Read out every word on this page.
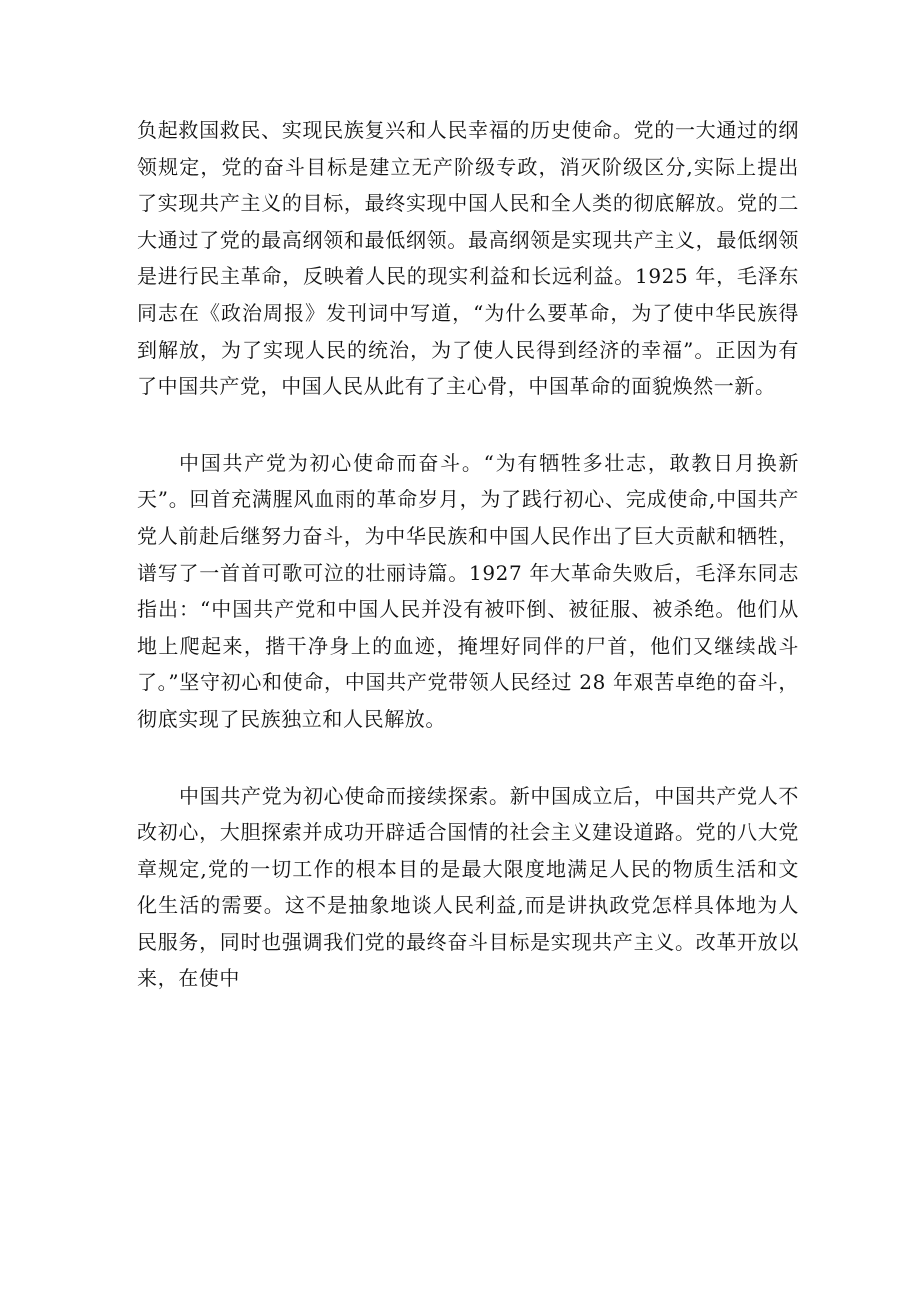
负起救国救民、实现民族复兴和人民幸福的历史使命。党的一大通过的纲领规定，党的奋斗目标是建立无产阶级专政，消灭阶级区分,实际上提出了实现共产主义的目标，最终实现中国人民和全人类的彻底解放。党的二大通过了党的最高纲领和最低纲领。最高纲领是实现共产主义，最低纲领是进行民主革命，反映着人民的现实利益和长远利益。1925 年，毛泽东同志在《政治周报》发刊词中写道，“为什么要革命，为了使中华民族得到解放，为了实现人民的统治，为了使人民得到经济的幸福”。正因为有了中国共产党，中国人民从此有了主心骨，中国革命的面貌焕然一新。

中国共产党为初心使命而奋斗。“为有牺牲多壮志，敢教日月换新天”。回首充满腥风血雨的革命岁月，为了践行初心、完成使命,中国共产党人前赴后继努力奋斗，为中华民族和中国人民作出了巨大贡献和牺牲，谱写了一首首可歌可泣的壮丽诗篇。1927 年大革命失败后，毛泽东同志指出：“中国共产党和中国人民并没有被吓倒、被征服、被杀绝。他们从地上爬起来，揩干净身上的血迹，掩埋好同伴的尸首，他们又继续战斗了。”坚守初心和使命，中国共产党带领人民经过 28 年艰苦卓绝的奋斗，彻底实现了民族独立和人民解放。

中国共产党为初心使命而接续探索。新中国成立后，中国共产党人不改初心，大胆探索并成功开辟适合国情的社会主义建设道路。党的八大党章规定,党的一切工作的根本目的是最大限度地满足人民的物质生活和文化生活的需要。这不是抽象地谈人民利益,而是讲执政党怎样具体地为人民服务，同时也强调我们党的最终奋斗目标是实现共产主义。改革开放以来，在使中
